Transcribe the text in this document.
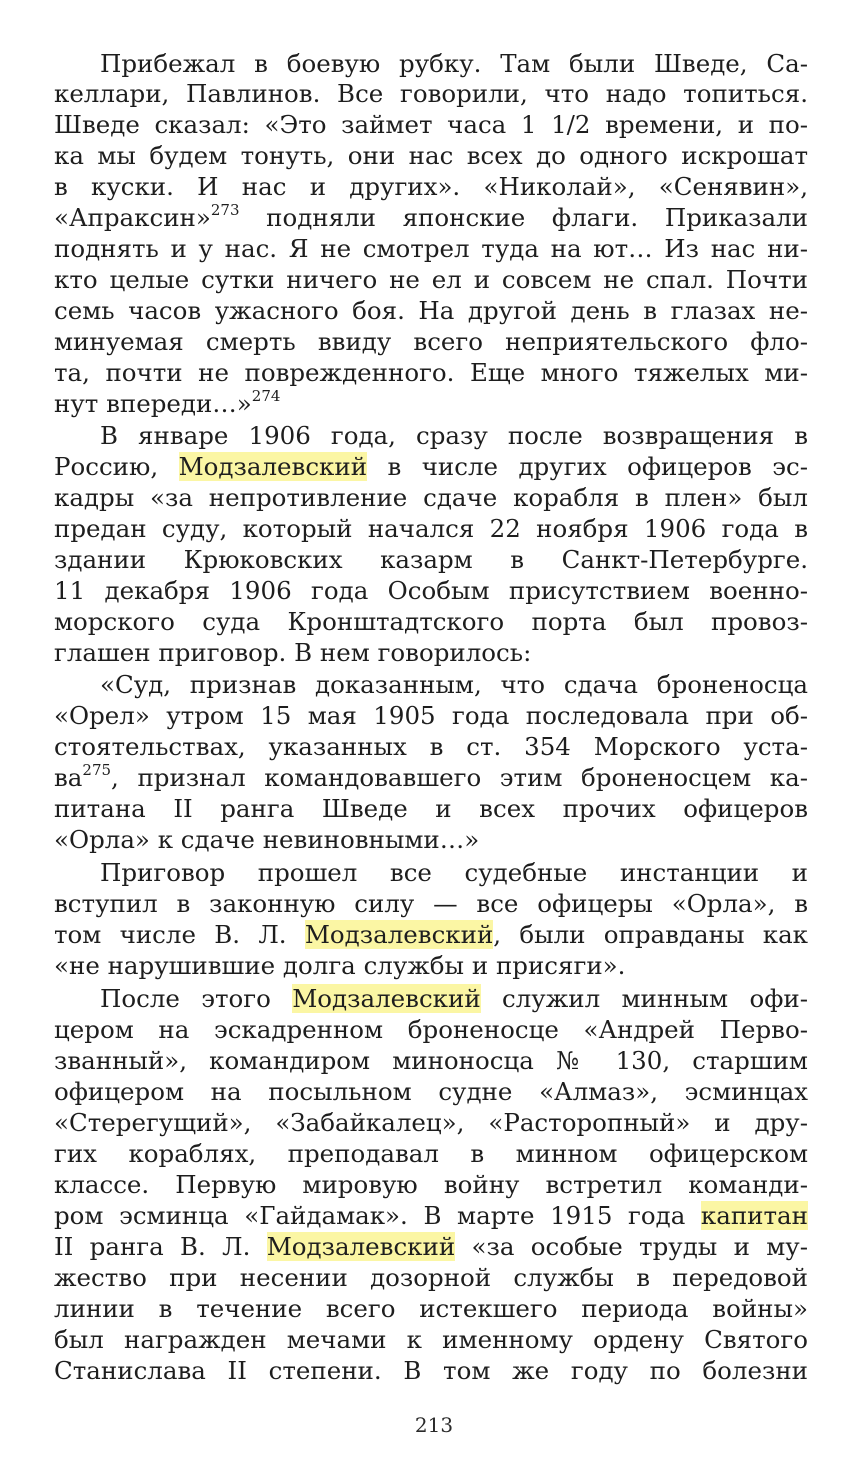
Прибежал в боевую рубку. Там были Шведе, Са-
келлари, Павлинов. Все говорили, что надо топиться.
Шведе сказал: «Это займет часа 1 1/2 времени, и по-
ка мы будем тонуть, они нас всех до одного искрошат
в куски. И нас и других». «Николай», «Сенявин»,
«Апраксин»$^{273}$ подняли японские флаги. Приказали
поднять и у нас. Я не смотрел туда на ют… Из нас ни-
кто целые сутки ничего не ел и совсем не спал. Почти
семь часов ужасного боя. На другой день в глазах не-
минуемая смерть ввиду всего неприятельского фло-
та, почти не поврежденного. Еще много тяжелых ми-
нут впереди…»$^{274}$
В январе 1906 года, сразу после возвращения в
Россию, Модзалевский в числе других офицеров эс-
кадры «за непротивление сдаче корабля в плен» был
предан суду, который начался 22 ноября 1906 года в
здании Крюковских казарм в Санкт-Петербурге.
11 декабря 1906 года Особым присутствием военно-
морского суда Кронштадтского порта был провоз-
глашен приговор. В нем говорилось:
«Суд, признав доказанным, что сдача броненосца
«Орел» утром 15 мая 1905 года последовала при об-
стоятельствах, указанных в ст. 354 Морского уста-
$ва^{275}$, признал командовавшего этим броненосцем ка-
питана II ранга Шведе и всех прочих офицеров
«Орла» к сдаче невиновными…»
Приговор прошел все судебные инстанции и
вступил в законную силу — все офицеры «Орла», в
том числе В. Л. Модзалевский, были оправданы как
«не нарушившие долга службы и присяги».
После этого Модзалевский служил минным офи-
цером на эскадренном броненосце «Андрей Перво-
званный», командиром миноносца № 130, старшим
офицером на посыльном судне «Алмаз», эсминцах
«Стерегущий», «Забайкалец», «Расторопный» и дру-
гих кораблях, преподавал в минном офицерском
классе. Первую мировую войну встретил команди-
ром эсминца «Гайдамак». В марте 1915 года капитан
II ранга В. Л. Модзалевский «за особые труды и му-
жество при несении дозорной службы в передовой
линии в течение всего истекшего периода войны»
был награжден мечами к именному ордену Святого
Станислава II степени. В том же году по болезни
213
